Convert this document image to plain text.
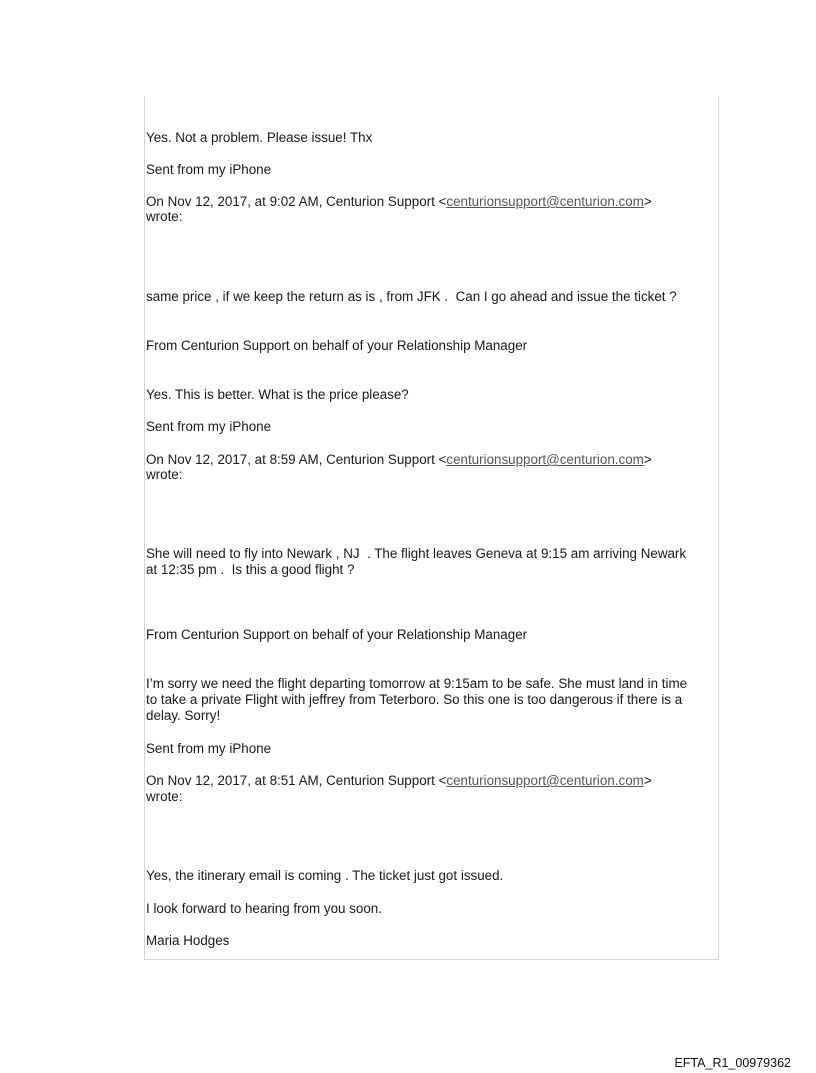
Yes. Not a problem. Please issue! Thx

Sent from my iPhone

On Nov 12, 2017, at 9:02 AM, Centurion Support <centurionsupport@centurion.com>

wrote:

same price , if we keep the return as is , from JFK .  Can I go ahead and issue the ticket ?

From Centurion Support on behalf of your Relationship Manager

Yes. This is better. What is the price please?

Sent from my iPhone

On Nov 12, 2017, at 8:59 AM, Centurion Support <centurionsupport@centurion.com>

wrote:

She will need to fly into Newark , NJ  . The flight leaves Geneva at 9:15 am arriving Newark

at 12:35 pm .  Is this a good flight ?

From Centurion Support on behalf of your Relationship Manager

I’m sorry we need the flight departing tomorrow at 9:15am to be safe. She must land in time

to take a private Flight with jeffrey from Teterboro. So this one is too dangerous if there is a

delay. Sorry!

Sent from my iPhone

On Nov 12, 2017, at 8:51 AM, Centurion Support <centurionsupport@centurion.com>

wrote:

Yes, the itinerary email is coming . The ticket just got issued.

I look forward to hearing from you soon.

Maria Hodges

EFTA_R1_00979362
